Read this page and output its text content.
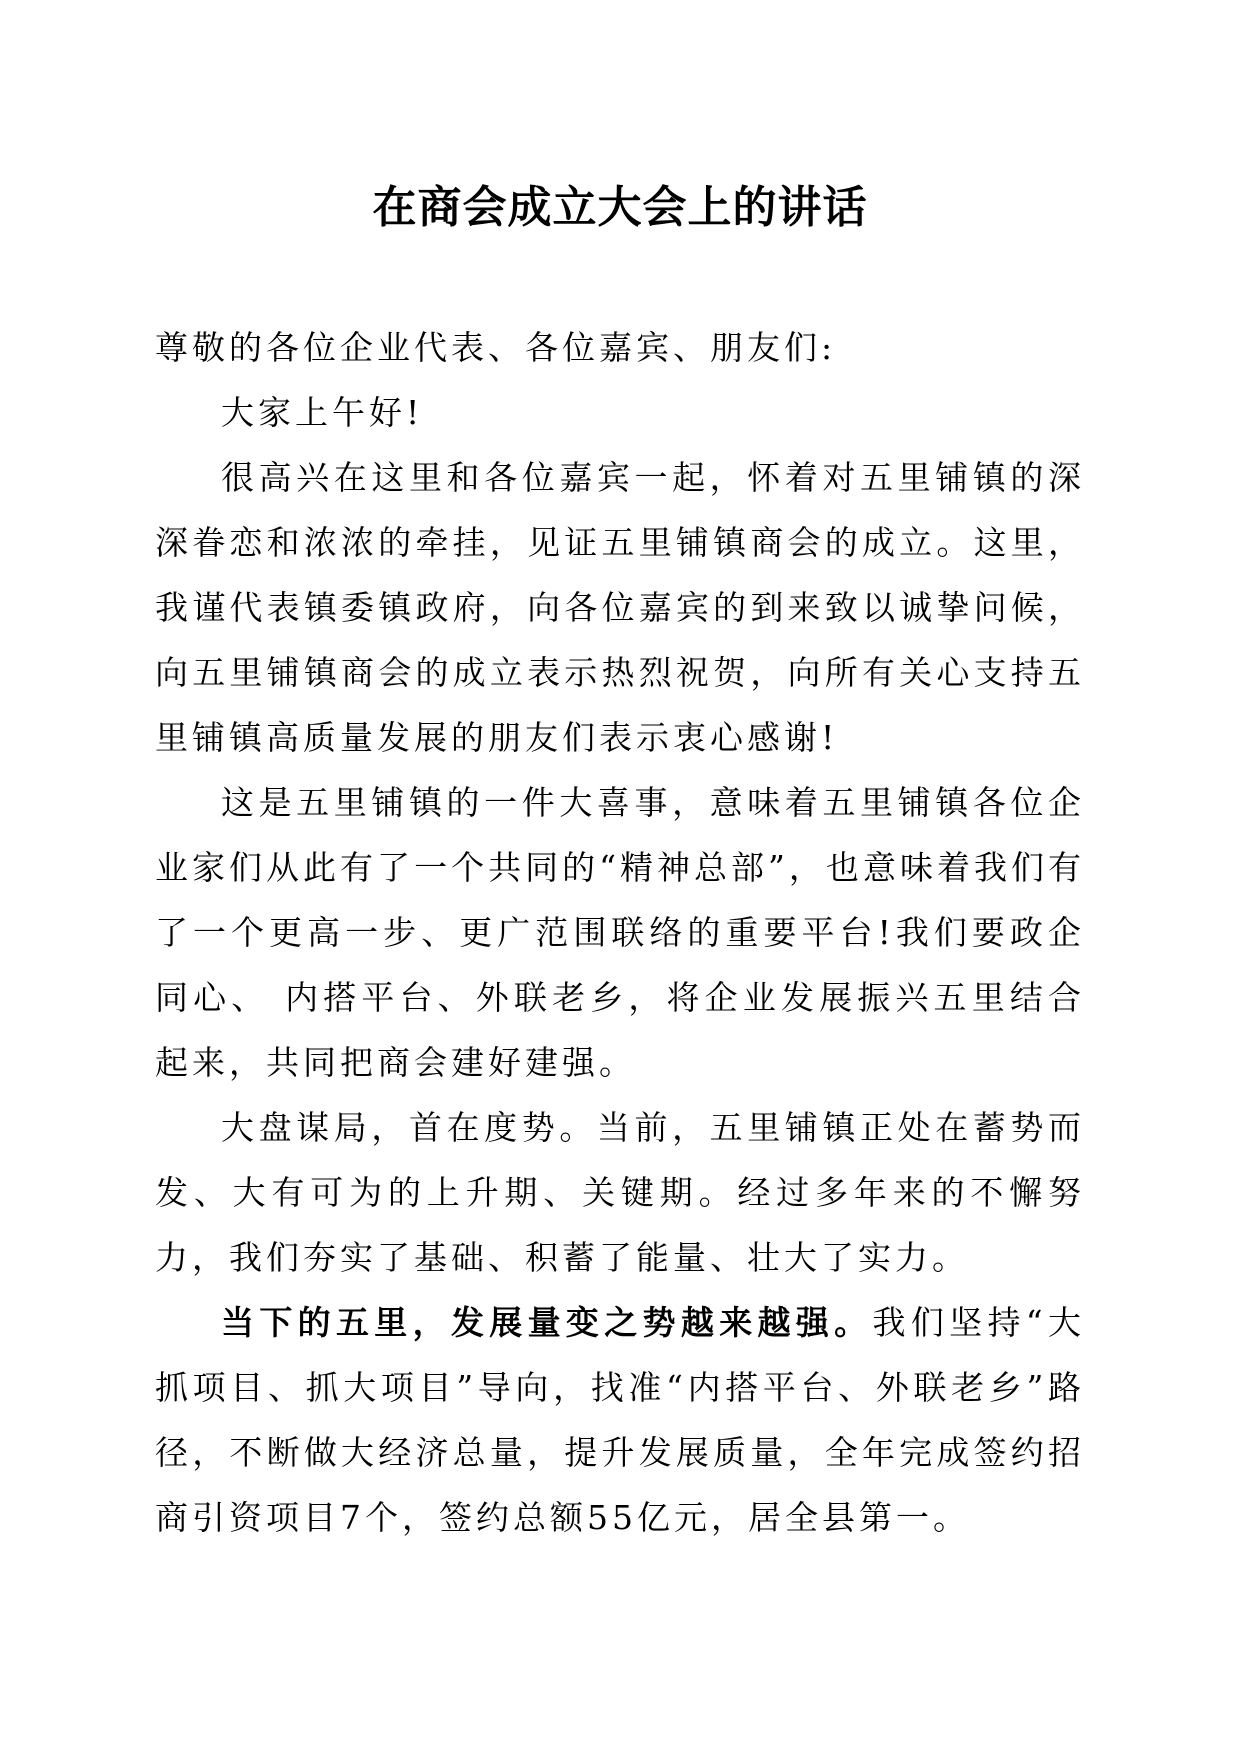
在商会成立大会上的讲话

尊敬的各位企业代表、各位嘉宾、朋友们:

大家上午好!

很高兴在这里和各位嘉宾一起，怀着对五里铺镇的深深眷恋和浓浓的牵挂，见证五里铺镇商会的成立。这里，我谨代表镇委镇政府，向各位嘉宾的到来致以诚挚问候，向五里铺镇商会的成立表示热烈祝贺，向所有关心支持五里铺镇高质量发展的朋友们表示衷心感谢!

这是五里铺镇的一件大喜事，意味着五里铺镇各位企业家们从此有了一个共同的“精神总部”，也意味着我们有了一个更高一步、更广范围联络的重要平台!我们要政企同心、 内搭平台、外联老乡，将企业发展振兴五里结合起来，共同把商会建好建强。

大盘谋局，首在度势。当前，五里铺镇正处在蓄势而发、大有可为的上升期、关键期。经过多年来的不懈努力，我们夯实了基础、积蓄了能量、壮大了实力。

当下的五里，发展量变之势越来越强。我们坚持“大抓项目、抓大项目”导向，找准“内搭平台、外联老乡”路径，不断做大经济总量，提升发展质量，全年完成签约招商引资项目7个，签约总额55亿元，居全县第一。
